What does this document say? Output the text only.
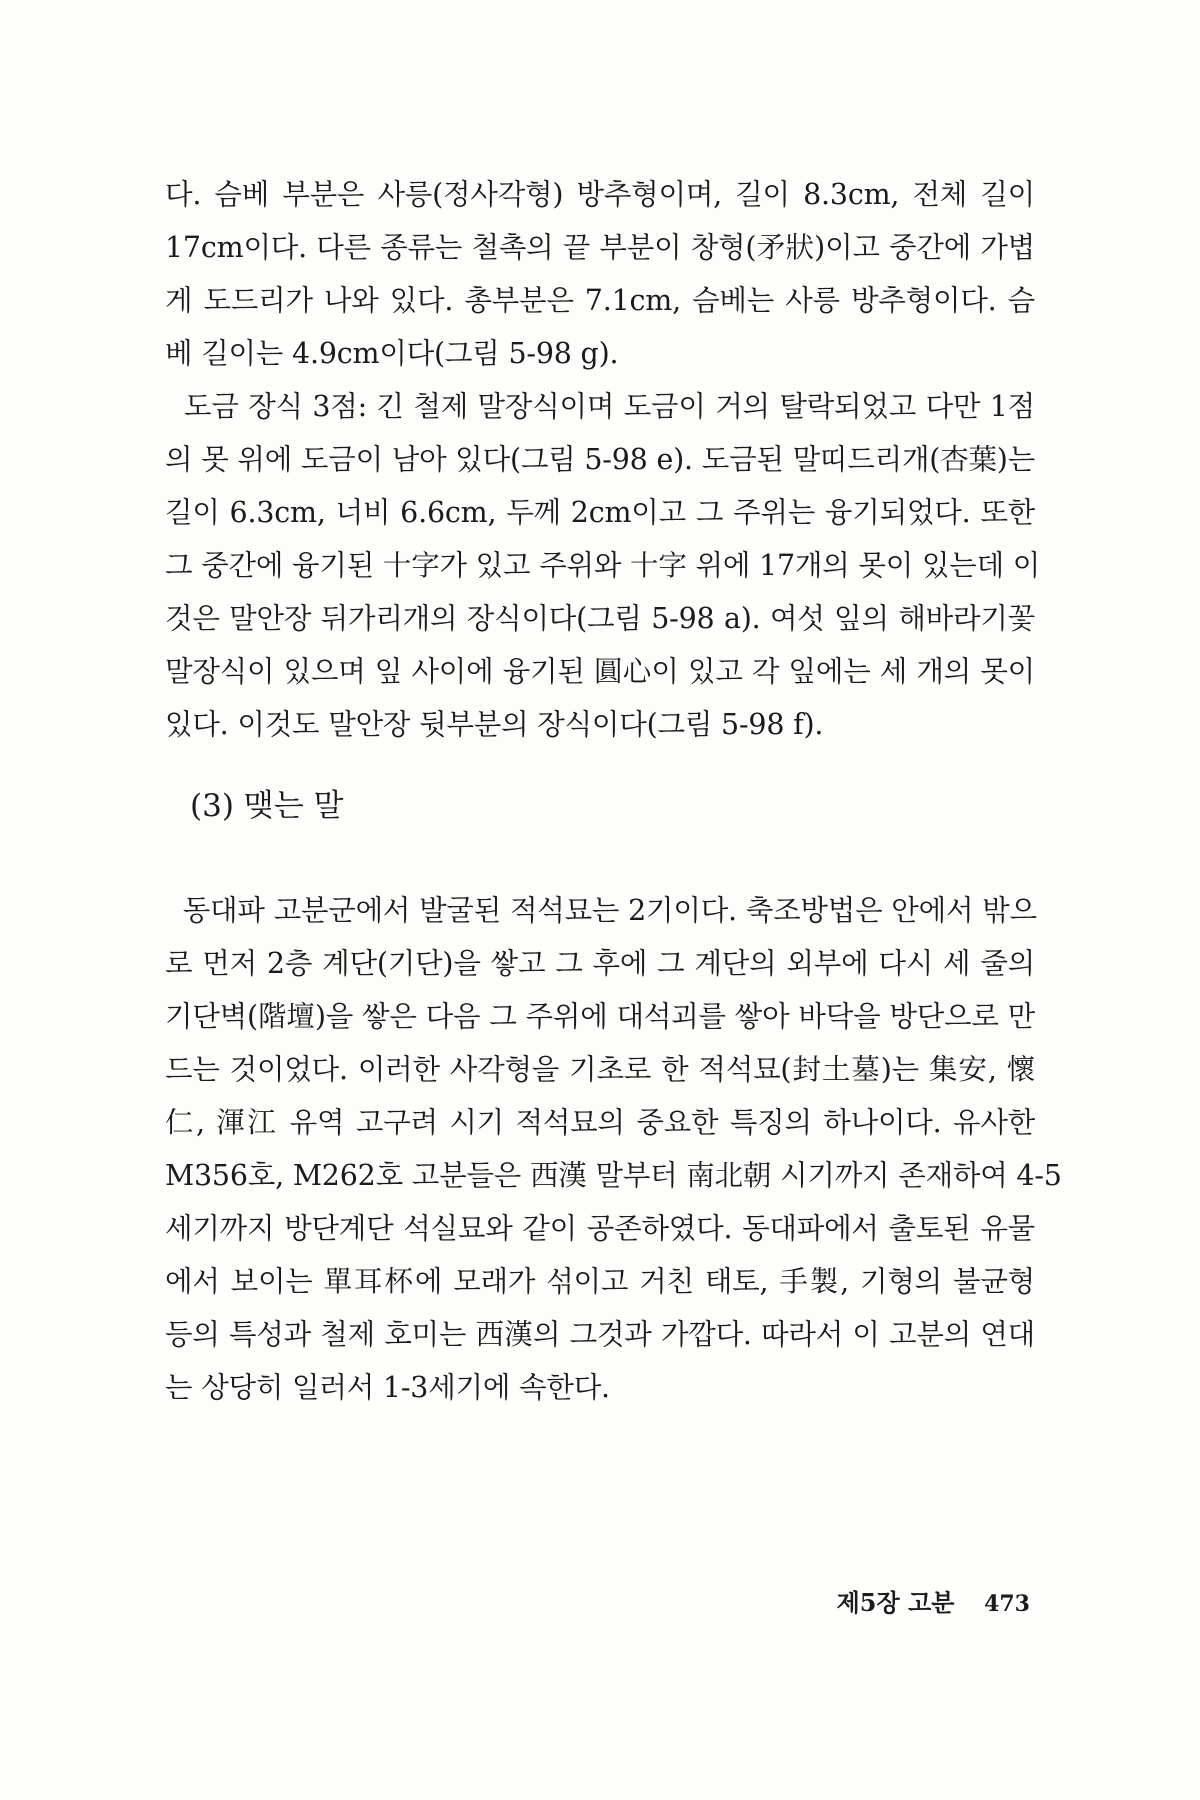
다. 슴베 부분은 사릉(정사각형) 방추형이며, 길이 8.3cm, 전체 길이
17cm이다. 다른 종류는 철촉의 끝 부분이 창형(矛狀)이고 중간에 가볍
게 도드리가 나와 있다. 총부분은 7.1cm, 슴베는 사릉 방추형이다. 슴
베 길이는 4.9cm이다(그림 5-98 g).

도금 장식 3점: 긴 철제 말장식이며 도금이 거의 탈락되었고 다만 1점
의 못 위에 도금이 남아 있다(그림 5-98 e). 도금된 말띠드리개(杏葉)는
길이 6.3cm, 너비 6.6cm, 두께 2cm이고 그 주위는 융기되었다. 또한
그 중간에 융기된 十字가 있고 주위와 十字 위에 17개의 못이 있는데 이
것은 말안장 뒤가리개의 장식이다(그림 5-98 a). 여섯 잎의 해바라기꽃
말장식이 있으며 잎 사이에 융기된 圓心이 있고 각 잎에는 세 개의 못이
있다. 이것도 말안장 뒷부분의 장식이다(그림 5-98 f).

(3) 맺는 말

동대파 고분군에서 발굴된 적석묘는 2기이다. 축조방법은 안에서 밖으
로 먼저 2층 계단(기단)을 쌓고 그 후에 그 계단의 외부에 다시 세 줄의
기단벽(階壇)을 쌓은 다음 그 주위에 대석괴를 쌓아 바닥을 방단으로 만
드는 것이었다. 이러한 사각형을 기초로 한 적석묘(封土墓)는 集安, 懷
仁, 渾江 유역 고구려 시기 적석묘의 중요한 특징의 하나이다. 유사한
M356호, M262호 고분들은 西漢 말부터 南北朝 시기까지 존재하여 4-5
세기까지 방단계단 석실묘와 같이 공존하였다. 동대파에서 출토된 유물
에서 보이는 單耳杯에 모래가 섞이고 거친 태토, 手製, 기형의 불균형
등의 특성과 철제 호미는 西漢의 그것과 가깝다. 따라서 이 고분의 연대
는 상당히 일러서 1-3세기에 속한다.

제5장 고분 473
